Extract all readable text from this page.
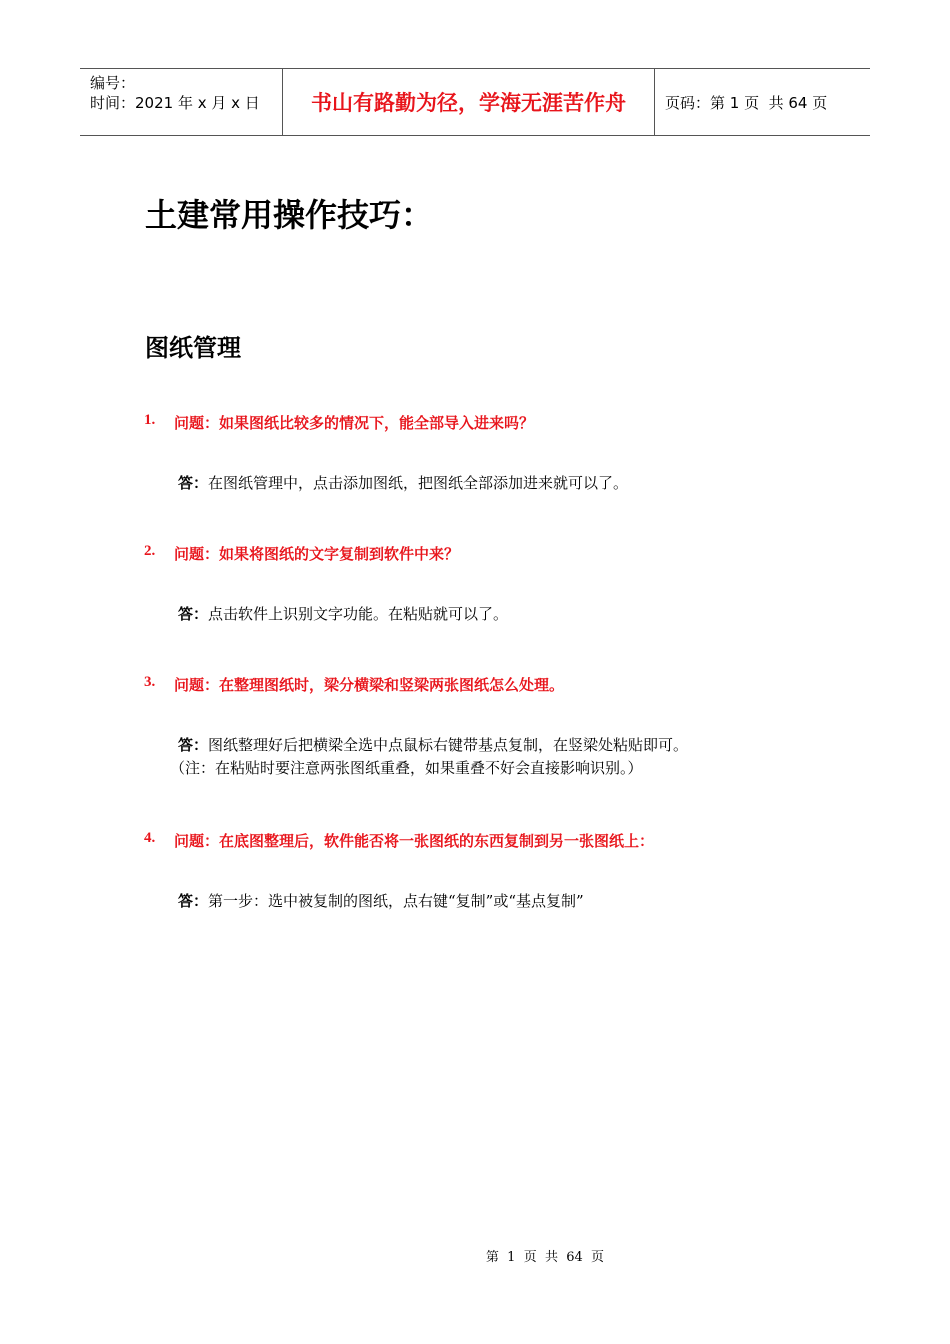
编号：
时间：2021 年 x 月 x 日	书山有路勤为径，学海无涯苦作舟	页码：第 1 页  共 64 页
土建常用操作技巧：
图纸管理
1.	问题：如果图纸比较多的情况下，能全部导入进来吗？
答：在图纸管理中，点击添加图纸，把图纸全部添加进来就可以了。
2.	问题：如果将图纸的文字复制到软件中来？
答：点击软件上识别文字功能。在粘贴就可以了。
3.	问题：在整理图纸时，梁分横梁和竖梁两张图纸怎么处理。
答：图纸整理好后把横梁全选中点鼠标右键带基点复制，在竖梁处粘贴即可。
（注：在粘贴时要注意两张图纸重叠，如果重叠不好会直接影响识别。）
4.	问题：在底图整理后，软件能否将一张图纸的东西复制到另一张图纸上：
答：第一步：选中被复制的图纸，点右键“复制”或“基点复制”
第  1  页  共  64  页
